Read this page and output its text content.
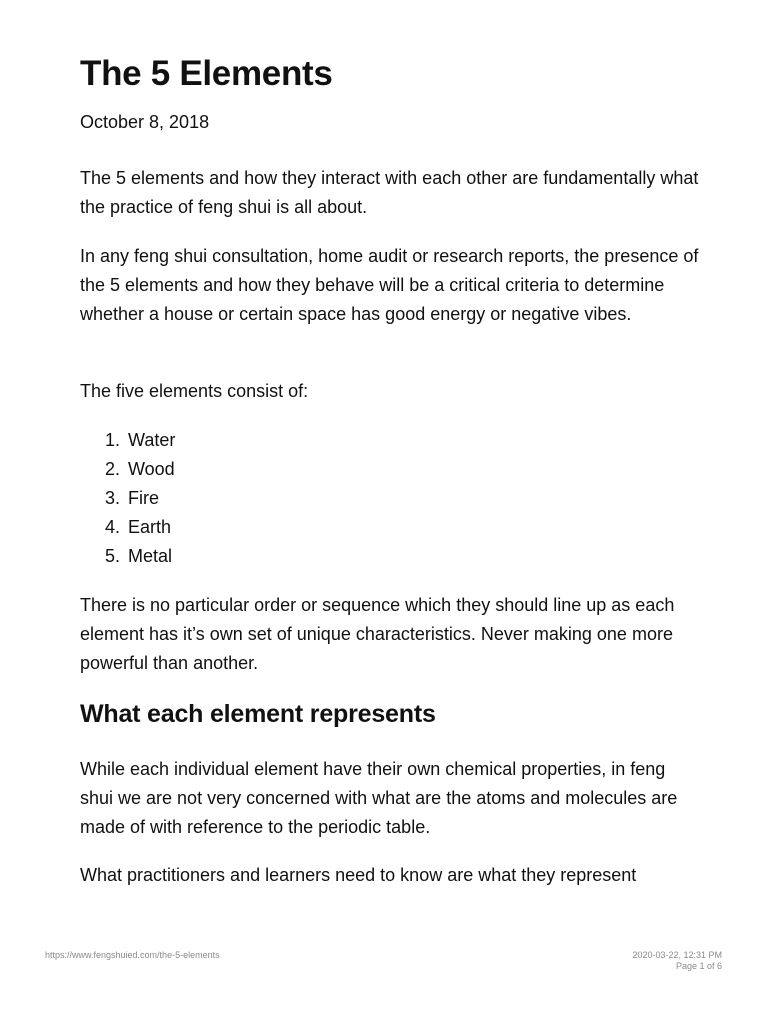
The 5 Elements
October 8, 2018

The 5 elements and how they interact with each other are fundamentally what the practice of feng shui is all about.

In any feng shui consultation, home audit or research reports, the presence of the 5 elements and how they behave will be a critical criteria to determine whether a house or certain space has good energy or negative vibes.

The five elements consist of:

1. Water
2. Wood
3. Fire
4. Earth
5. Metal

There is no particular order or sequence which they should line up as each element has it’s own set of unique characteristics. Never making one more powerful than another.

What each element represents

While each individual element have their own chemical properties, in feng shui we are not very concerned with what are the atoms and molecules are made of with reference to the periodic table.

What practitioners and learners need to know are what they represent

https://www.fengshuied.com/the-5-elements	2020-03-22, 12:31 PM
Page 1 of 6
